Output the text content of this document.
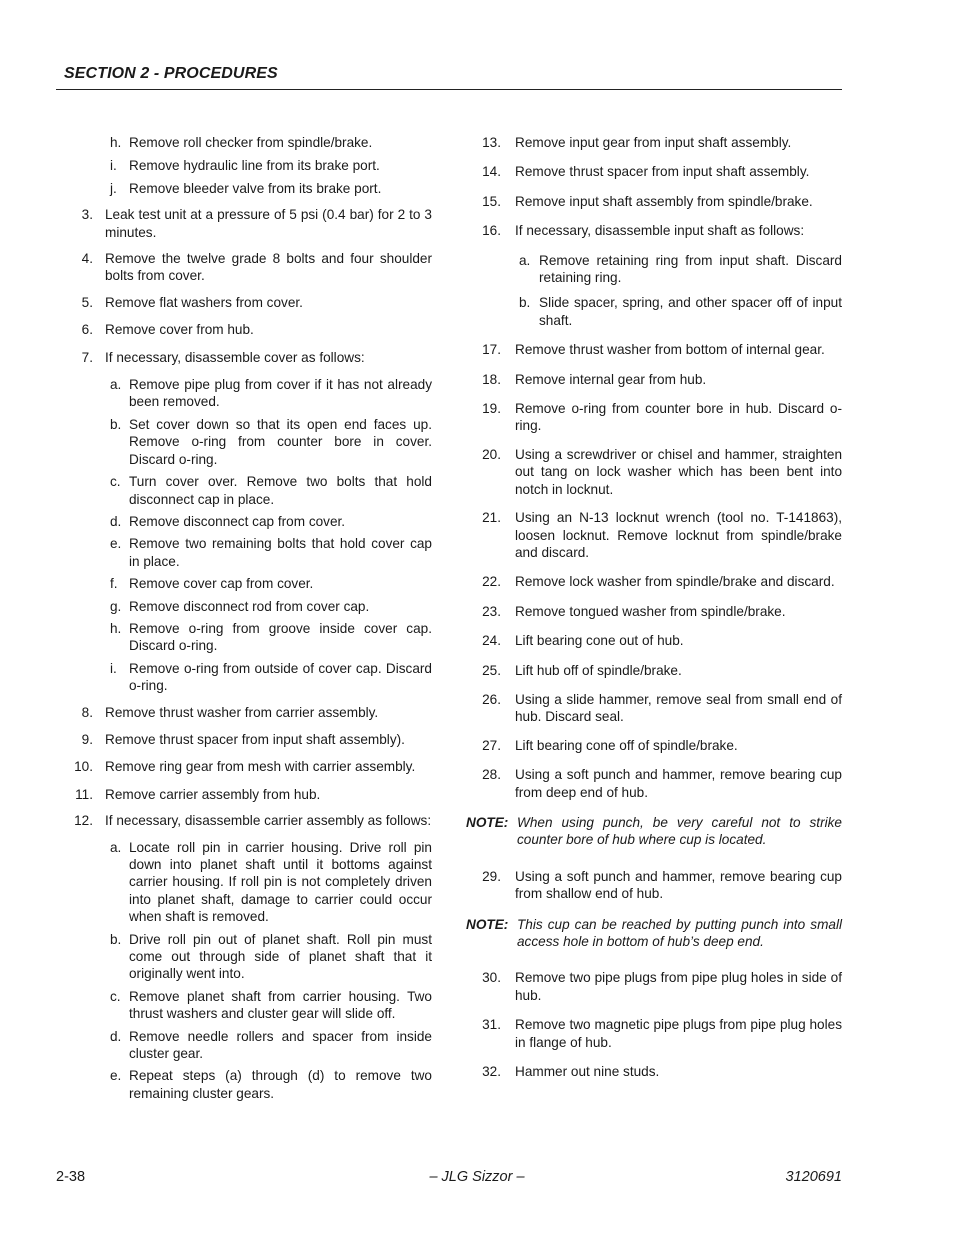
SECTION 2 - PROCEDURES
h. Remove roll checker from spindle/brake.
i. Remove hydraulic line from its brake port.
j. Remove bleeder valve from its brake port.
3. Leak test unit at a pressure of 5 psi (0.4 bar) for 2 to 3 minutes.
4. Remove the twelve grade 8 bolts and four shoulder bolts from cover.
5. Remove flat washers from cover.
6. Remove cover from hub.
7. If necessary, disassemble cover as follows:
a. Remove pipe plug from cover if it has not already been removed.
b. Set cover down so that its open end faces up. Remove o-ring from counter bore in cover. Discard o-ring.
c. Turn cover over. Remove two bolts that hold disconnect cap in place.
d. Remove disconnect cap from cover.
e. Remove two remaining bolts that hold cover cap in place.
f. Remove cover cap from cover.
g. Remove disconnect rod from cover cap.
h. Remove o-ring from groove inside cover cap. Discard o-ring.
i. Remove o-ring from outside of cover cap. Discard o-ring.
8. Remove thrust washer from carrier assembly.
9. Remove thrust spacer from input shaft assembly).
10. Remove ring gear from mesh with carrier assembly.
11. Remove carrier assembly from hub.
12. If necessary, disassemble carrier assembly as follows:
a. Locate roll pin in carrier housing. Drive roll pin down into planet shaft until it bottoms against carrier housing. If roll pin is not completely driven into planet shaft, damage to carrier could occur when shaft is removed.
b. Drive roll pin out of planet shaft. Roll pin must come out through side of planet shaft that it originally went into.
c. Remove planet shaft from carrier housing. Two thrust washers and cluster gear will slide off.
d. Remove needle rollers and spacer from inside cluster gear.
e. Repeat steps (a) through (d) to remove two remaining cluster gears.
13. Remove input gear from input shaft assembly.
14. Remove thrust spacer from input shaft assembly.
15. Remove input shaft assembly from spindle/brake.
16. If necessary, disassemble input shaft as follows:
a. Remove retaining ring from input shaft. Discard retaining ring.
b. Slide spacer, spring, and other spacer off of input shaft.
17. Remove thrust washer from bottom of internal gear.
18. Remove internal gear from hub.
19. Remove o-ring from counter bore in hub. Discard o-ring.
20. Using a screwdriver or chisel and hammer, straighten out tang on lock washer which has been bent into notch in locknut.
21. Using an N-13 locknut wrench (tool no. T-141863), loosen locknut. Remove locknut from spindle/brake and discard.
22. Remove lock washer from spindle/brake and discard.
23. Remove tongued washer from spindle/brake.
24. Lift bearing cone out of hub.
25. Lift hub off of spindle/brake.
26. Using a slide hammer, remove seal from small end of hub. Discard seal.
27. Lift bearing cone off of spindle/brake.
28. Using a soft punch and hammer, remove bearing cup from deep end of hub.
NOTE: When using punch, be very careful not to strike counter bore of hub where cup is located.
29. Using a soft punch and hammer, remove bearing cup from shallow end of hub.
NOTE: This cup can be reached by putting punch into small access hole in bottom of hub’s deep end.
30. Remove two pipe plugs from pipe plug holes in side of hub.
31. Remove two magnetic pipe plugs from pipe plug holes in flange of hub.
32. Hammer out nine studs.
2-38	– JLG Sizzor –	3120691
